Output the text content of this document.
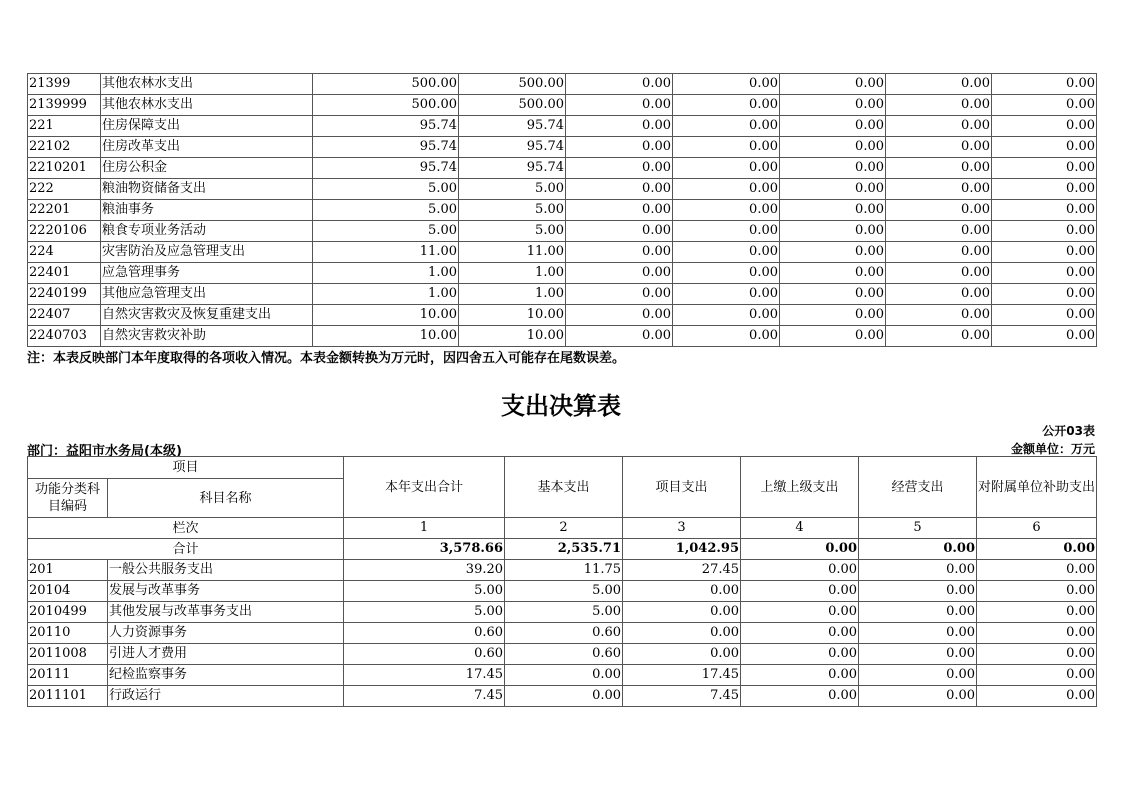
21399	其他农林水支出	500.00	500.00	0.00	0.00	0.00	0.00	0.00
2139999	其他农林水支出	500.00	500.00	0.00	0.00	0.00	0.00	0.00
221	住房保障支出	95.74	95.74	0.00	0.00	0.00	0.00	0.00
22102	住房改革支出	95.74	95.74	0.00	0.00	0.00	0.00	0.00
2210201	住房公积金	95.74	95.74	0.00	0.00	0.00	0.00	0.00
222	粮油物资储备支出	5.00	5.00	0.00	0.00	0.00	0.00	0.00
22201	粮油事务	5.00	5.00	0.00	0.00	0.00	0.00	0.00
2220106	粮食专项业务活动	5.00	5.00	0.00	0.00	0.00	0.00	0.00
224	灾害防治及应急管理支出	11.00	11.00	0.00	0.00	0.00	0.00	0.00
22401	应急管理事务	1.00	1.00	0.00	0.00	0.00	0.00	0.00
2240199	其他应急管理支出	1.00	1.00	0.00	0.00	0.00	0.00	0.00
22407	自然灾害救灾及恢复重建支出	10.00	10.00	0.00	0.00	0.00	0.00	0.00
2240703	自然灾害救灾补助	10.00	10.00	0.00	0.00	0.00	0.00	0.00
注：本表反映部门本年度取得的各项收入情况。本表金额转换为万元时，因四舍五入可能存在尾数误差。
支出决算表
公开03表
部门：益阳市水务局(本级)	金额单位：万元
项目		本年支出合计	基本支出	项目支出	上缴上级支出	经营支出	对附属单位补助支出
功能分类科目编码	科目名称						
栏次		1	2	3	4	5	6
合计		3,578.66	2,535.71	1,042.95	0.00	0.00	0.00
201	一般公共服务支出	39.20	11.75	27.45	0.00	0.00	0.00
20104	发展与改革事务	5.00	5.00	0.00	0.00	0.00	0.00
2010499	其他发展与改革事务支出	5.00	5.00	0.00	0.00	0.00	0.00
20110	人力资源事务	0.60	0.60	0.00	0.00	0.00	0.00
2011008	引进人才费用	0.60	0.60	0.00	0.00	0.00	0.00
20111	纪检监察事务	17.45	0.00	17.45	0.00	0.00	0.00
2011101	行政运行	7.45	0.00	7.45	0.00	0.00	0.00
